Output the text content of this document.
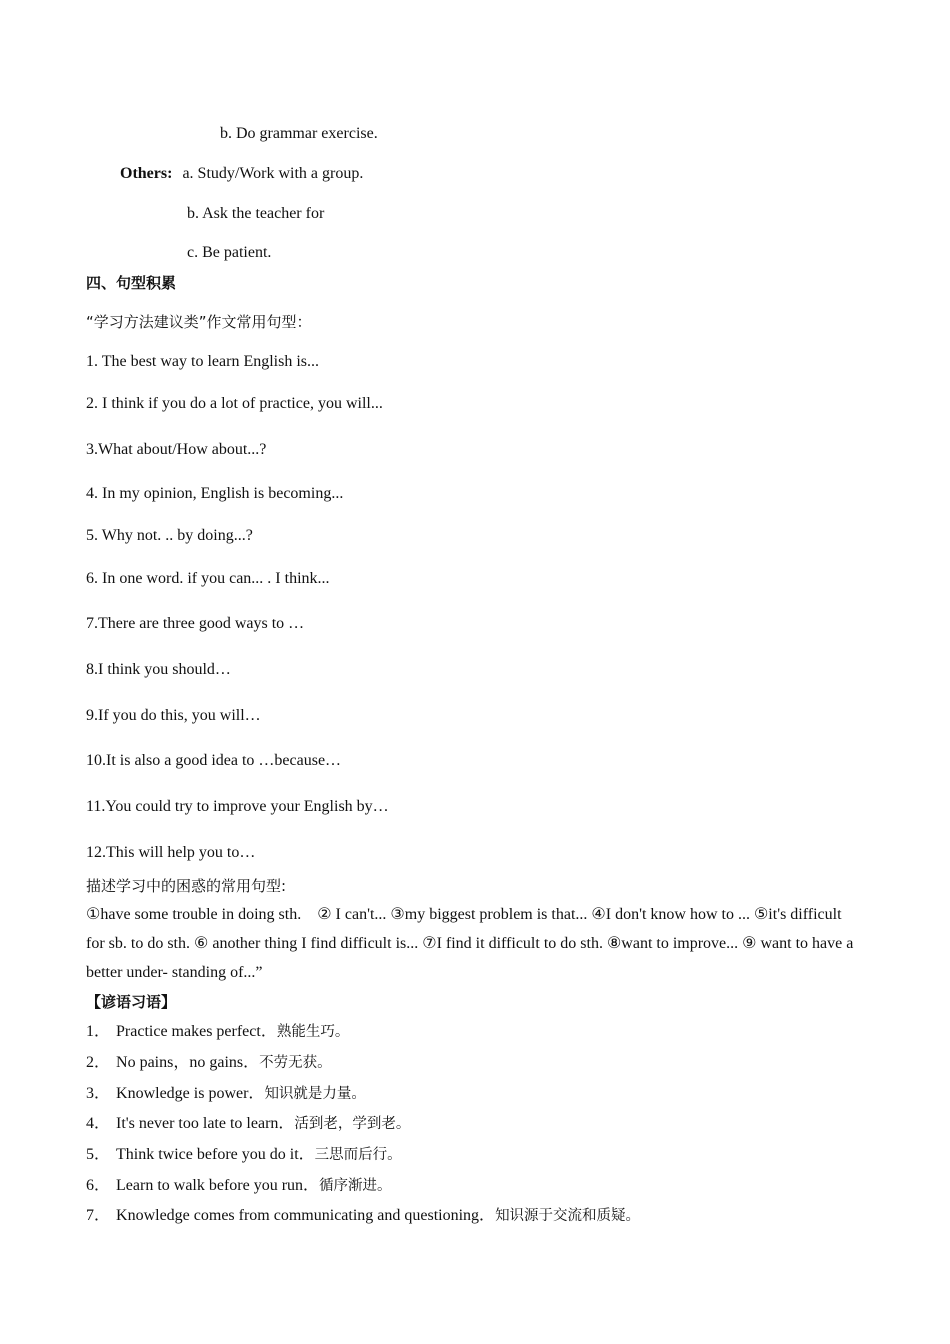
b. Do grammar exercise.
Others: a. Study/Work with a group.
b. Ask the teacher for
c. Be patient.
四、句型积累
“学习方法建议类”作文常用句型：
1. The best way to learn English is...
2. I think if you do a lot of practice, you will...
3.What about/How about...?
4. In my opinion, English is becoming...
5. Why not. .. by doing...?
6. In one word. if you can... . I think...
7.There are three good ways to …
8.I think you should…
9.If you do this, you will…
10.It is also a good idea to …because…
11.You could try to improve your English by…
12.This will help you to…
描述学习中的困惑的常用句型:
①have some trouble in doing sth.　② I can't... ③my biggest problem is that... ④I don't know how to ... ⑤it's difficult　for sb. to do sth. ⑥ another thing I find difficult is... ⑦I find it difficult to do sth. ⑧want to improve... ⑨ want to have a better under- standing of...”
【谚语习语】
1． Practice makes perfect．熟能生巧。
2． No pains，no gains．不劳无获。
3． Knowledge is power．知识就是力量。
4． It's never too late to learn．活到老，学到老。
5． Think twice before you do it．三思而后行。
6． Learn to walk before you run．循序渐进。
7． Knowledge comes from communicating and questioning．知识源于交流和质疑。
